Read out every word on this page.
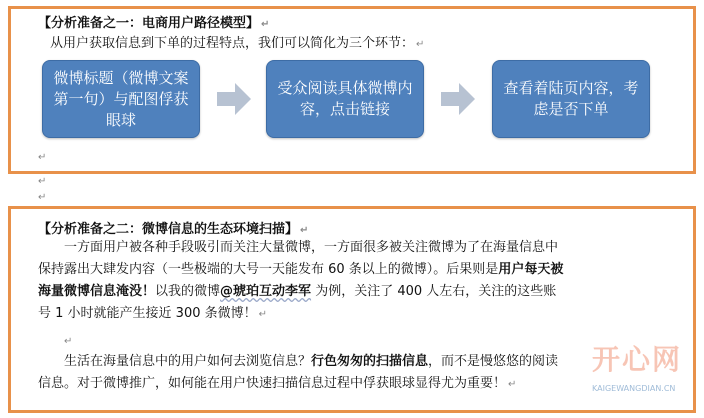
【分析准备之一：电商用户路径模型】 ↵
从用户获取信息到下单的过程特点，我们可以简化为三个环节： ↵
微博标题（微博文案第一句）与配图俘获眼球
受众阅读具体微博内容，点击链接
查看着陆页内容，考虑是否下单
↵
↵
↵
【分析准备之二：微博信息的生态环境扫描】 ↵

一方面用户被各种手段吸引而关注大量微博，一方面很多被关注微博为了在海量信息中

保持露出大肆发内容（一些极端的大号一天能发布 60 条以上的微博）。后果则是用户每天被

海量微博信息淹没！以我的微博@琥珀互动李军 为例，关注了 400 人左右，关注的这些账

号 1 小时就能产生接近 300 条微博！ ↵

↵

生活在海量信息中的用户如何去浏览信息？行色匆匆的扫描信息，而不是慢悠悠的阅读

信息。对于微博推广，如何能在用户快速扫描信息过程中俘获眼球显得尤为重要！ ↵

开心网
KAIGEWANGDIAN.CN
